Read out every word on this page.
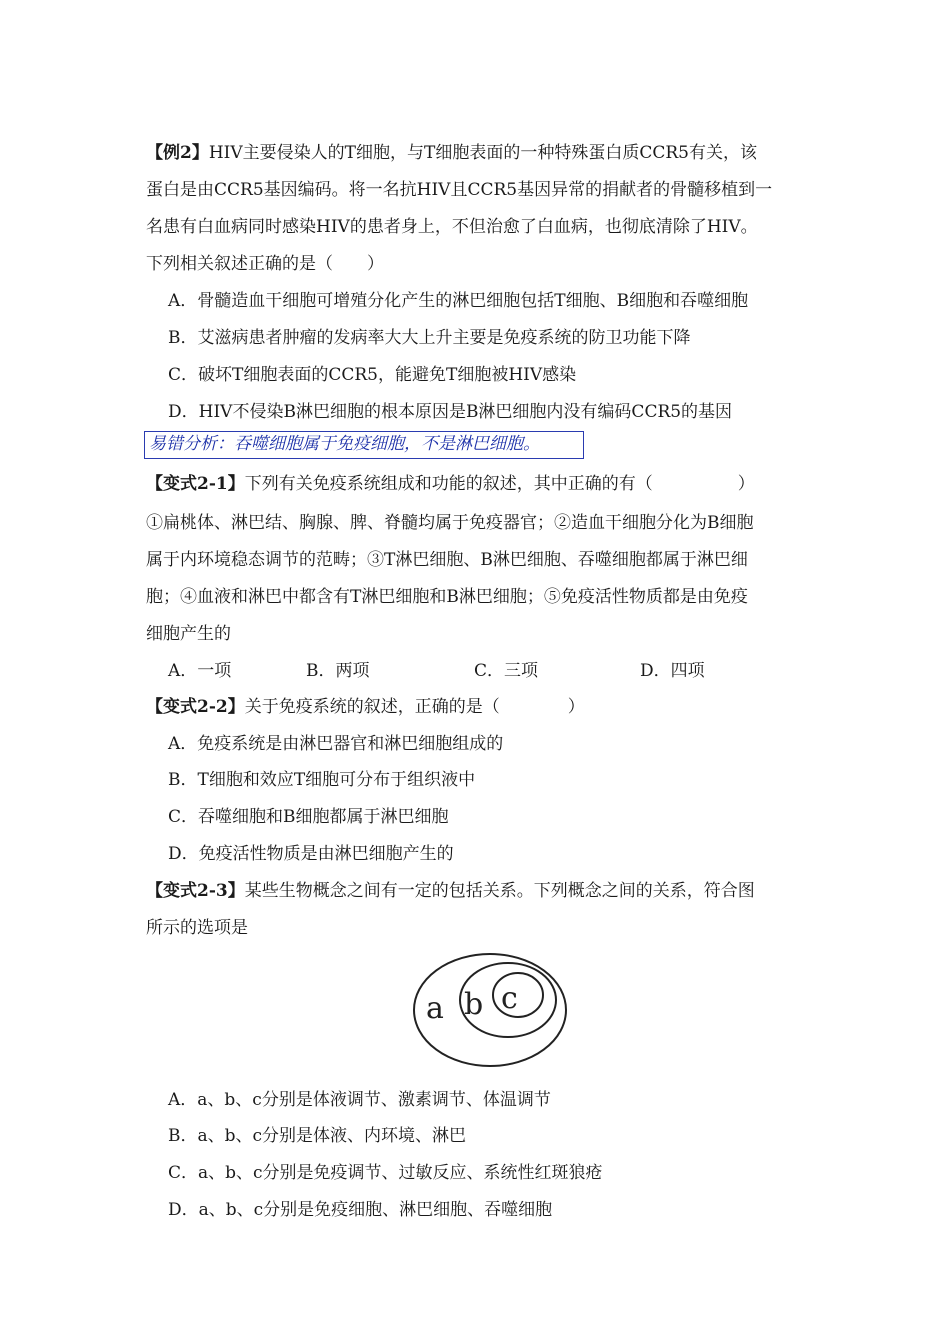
【例2】HIV主要侵染人的T细胞，与T细胞表面的一种特殊蛋白质CCR5有关，该
蛋白是由CCR5基因编码。将一名抗HIV且CCR5基因异常的捐献者的骨髓移植到一
名患有白血病同时感染HIV的患者身上，不但治愈了白血病，也彻底清除了HIV。
下列相关叙述正确的是（　　）
A．骨髓造血干细胞可增殖分化产生的淋巴细胞包括T细胞、B细胞和吞噬细胞
B．艾滋病患者肿瘤的发病率大大上升主要是免疫系统的防卫功能下降
C．破坏T细胞表面的CCR5，能避免T细胞被HIV感染
D．HIV不侵染B淋巴细胞的根本原因是B淋巴细胞内没有编码CCR5的基因
易错分析：吞噬细胞属于免疫细胞，不是淋巴细胞。
【变式2-1】下列有关免疫系统组成和功能的叙述，其中正确的有（　　　　　）
①扁桃体、淋巴结、胸腺、脾、脊髓均属于免疫器官；②造血干细胞分化为B细胞
属于内环境稳态调节的范畴；③T淋巴细胞、B淋巴细胞、吞噬细胞都属于淋巴细
胞；④血液和淋巴中都含有T淋巴细胞和B淋巴细胞；⑤免疫活性物质都是由免疫
细胞产生的
A．一项	B．两项	C．三项	D．四项
【变式2-2】关于免疫系统的叙述，正确的是（　　　　）
A．免疫系统是由淋巴器官和淋巴细胞组成的
B．T细胞和效应T细胞可分布于组织液中
C．吞噬细胞和B细胞都属于淋巴细胞
D．免疫活性物质是由淋巴细胞产生的
【变式2-3】某些生物概念之间有一定的包括关系。下列概念之间的关系，符合图
所示的选项是
a b c
A．a、b、c分别是体液调节、激素调节、体温调节
B．a、b、c分别是体液、内环境、淋巴
C．a、b、c分别是免疫调节、过敏反应、系统性红斑狼疮
D．a、b、c分别是免疫细胞、淋巴细胞、吞噬细胞
